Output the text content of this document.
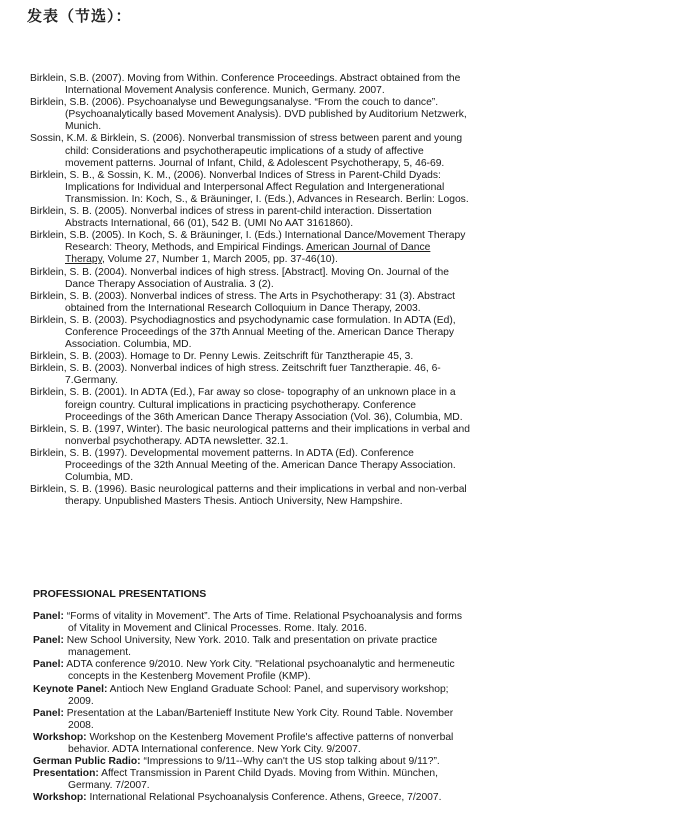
发表（节选）：
Birklein, S.B. (2007). Moving from Within. Conference Proceedings. Abstract obtained from the International Movement Analysis conference. Munich, Germany. 2007.
Birklein, S.B. (2006). Psychoanalyse und Bewegungsanalyse. “From the couch to dance”. (Psychoanalytically based Movement Analysis). DVD published by Auditorium Netzwerk, Munich.
Sossin, K.M. & Birklein, S. (2006). Nonverbal transmission of stress between parent and young child: Considerations and psychotherapeutic implications of a study of affective movement patterns. Journal of Infant, Child, & Adolescent Psychotherapy, 5, 46-69.
Birklein, S. B., & Sossin, K. M., (2006). Nonverbal Indices of Stress in Parent-Child Dyads: Implications for Individual and Interpersonal Affect Regulation and Intergenerational Transmission. In: Koch, S., & Bräuninger, I. (Eds.), Advances in Research. Berlin: Logos.
Birklein, S. B. (2005). Nonverbal indices of stress in parent-child interaction. Dissertation Abstracts International, 66 (01), 542 B. (UMI No AAT 3161860).
Birklein, S.B. (2005). In Koch, S. & Bräuninger, I. (Eds.) International Dance/Movement Therapy Research: Theory, Methods, and Empirical Findings. American Journal of Dance Therapy, Volume 27, Number 1, March 2005, pp. 37-46(10).
Birklein, S. B. (2004). Nonverbal indices of high stress. [Abstract]. Moving On. Journal of the Dance Therapy Association of Australia. 3 (2).
Birklein, S. B. (2003). Nonverbal indices of stress. The Arts in Psychotherapy: 31 (3). Abstract obtained from the International Research Colloquium in Dance Therapy, 2003.
Birklein, S. B. (2003). Psychodiagnostics and psychodynamic case formulation. In ADTA (Ed), Conference Proceedings of the 37th Annual Meeting of the. American Dance Therapy Association. Columbia, MD.
Birklein, S. B. (2003). Homage to Dr. Penny Lewis. Zeitschrift für Tanztherapie 45, 3.
Birklein, S. B. (2003). Nonverbal indices of high stress. Zeitschrift fuer Tanztherapie. 46, 6-7.Germany.
Birklein, S. B. (2001). In ADTA (Ed.), Far away so close- topography of an unknown place in a foreign country. Cultural implications in practicing psychotherapy. Conference Proceedings of the 36th American Dance Therapy Association (Vol. 36), Columbia, MD.
Birklein, S. B. (1997, Winter). The basic neurological patterns and their implications in verbal and nonverbal psychotherapy. ADTA newsletter. 32.1.
Birklein, S. B. (1997). Developmental movement patterns. In ADTA (Ed). Conference Proceedings of the 32th Annual Meeting of the. American Dance Therapy Association. Columbia, MD.
Birklein, S. B. (1996). Basic neurological patterns and their implications in verbal and non-verbal therapy. Unpublished Masters Thesis. Antioch University, New Hampshire.
PROFESSIONAL PRESENTATIONS
Panel: “Forms of vitality in Movement”. The Arts of Time. Relational Psychoanalysis and forms of Vitality in Movement and Clinical Processes. Rome. Italy. 2016.
Panel: New School University, New York. 2010. Talk and presentation on private practice management.
Panel: ADTA conference 9/2010. New York City. "Relational psychoanalytic and hermeneutic concepts in the Kestenberg Movement Profile (KMP).
Keynote Panel: Antioch New England Graduate School: Panel, and supervisory workshop; 2009.
Panel: Presentation at the Laban/Bartenieff Institute New York City. Round Table. November 2008.
Workshop: Workshop on the Kestenberg Movement Profile's affective patterns of nonverbal behavior. ADTA International conference. New York City. 9/2007.
German Public Radio: “Impressions to 9/11--Why can't the US stop talking about 9/11?”.
Presentation: Affect Transmission in Parent Child Dyads. Moving from Within. München, Germany. 7/2007.
Workshop: International Relational Psychoanalysis Conference. Athens, Greece, 7/2007.
